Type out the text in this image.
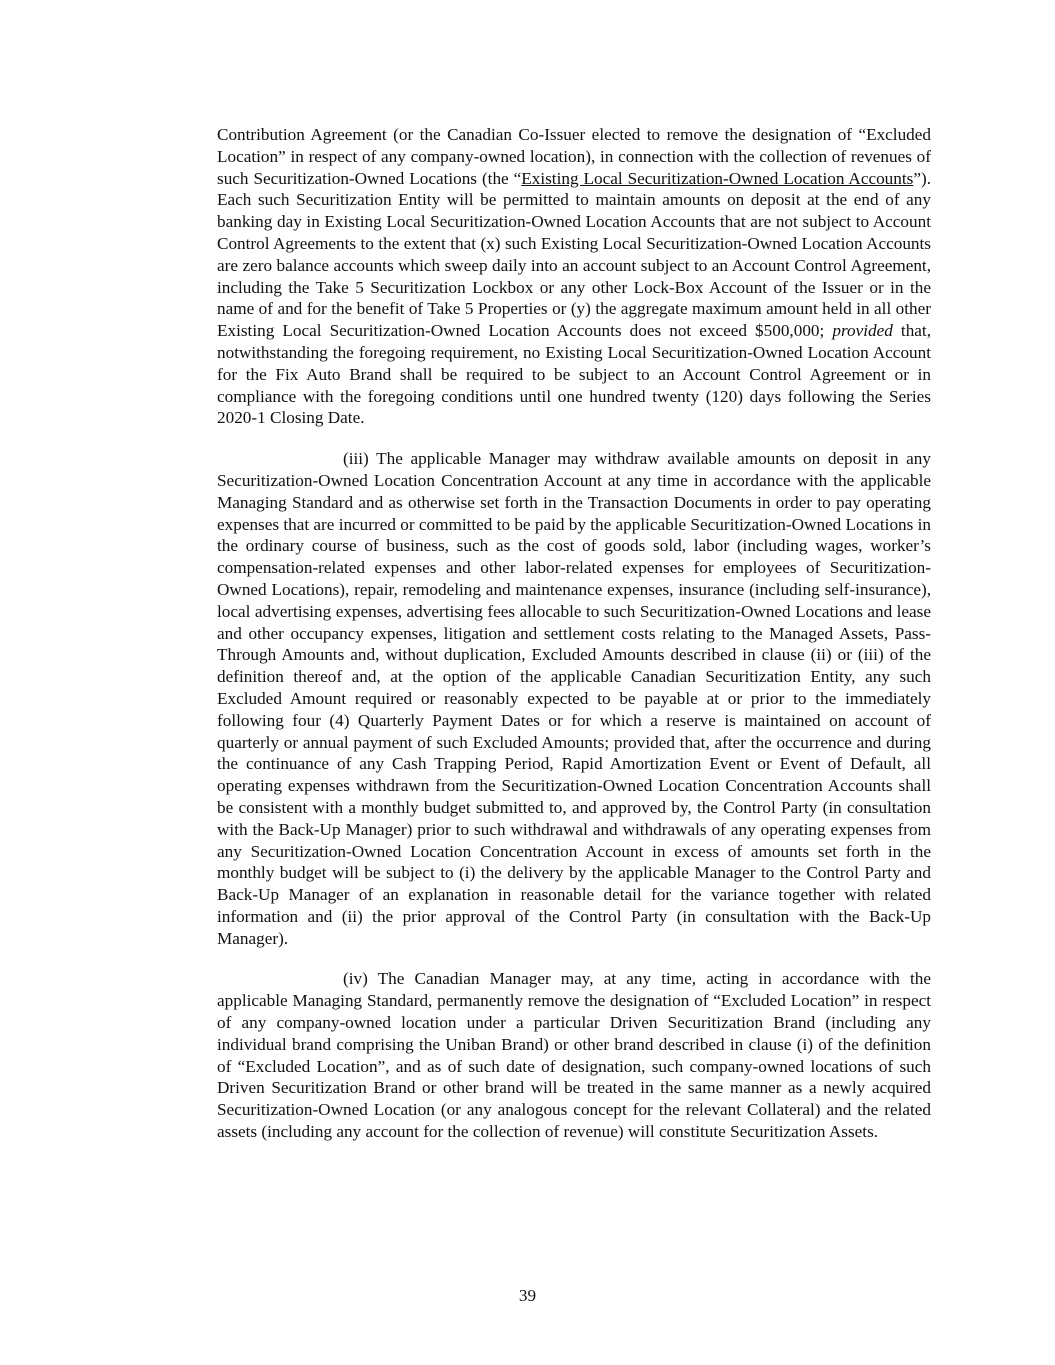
Contribution Agreement (or the Canadian Co-Issuer elected to remove the designation of “Excluded Location” in respect of any company-owned location), in connection with the collection of revenues of such Securitization-Owned Locations (the “Existing Local Securitization-Owned Location Accounts”). Each such Securitization Entity will be permitted to maintain amounts on deposit at the end of any banking day in Existing Local Securitization-Owned Location Accounts that are not subject to Account Control Agreements to the extent that (x) such Existing Local Securitization-Owned Location Accounts are zero balance accounts which sweep daily into an account subject to an Account Control Agreement, including the Take 5 Securitization Lockbox or any other Lock-Box Account of the Issuer or in the name of and for the benefit of Take 5 Properties or (y) the aggregate maximum amount held in all other Existing Local Securitization-Owned Location Accounts does not exceed $500,000; provided that, notwithstanding the foregoing requirement, no Existing Local Securitization-Owned Location Account for the Fix Auto Brand shall be required to be subject to an Account Control Agreement or in compliance with the foregoing conditions until one hundred twenty (120) days following the Series 2020-1 Closing Date.

(iii) The applicable Manager may withdraw available amounts on deposit in any Securitization-Owned Location Concentration Account at any time in accordance with the applicable Managing Standard and as otherwise set forth in the Transaction Documents in order to pay operating expenses that are incurred or committed to be paid by the applicable Securitization-Owned Locations in the ordinary course of business, such as the cost of goods sold, labor (including wages, worker’s compensation-related expenses and other labor-related expenses for employees of Securitization-Owned Locations), repair, remodeling and maintenance expenses, insurance (including self-insurance), local advertising expenses, advertising fees allocable to such Securitization-Owned Locations and lease and other occupancy expenses, litigation and settlement costs relating to the Managed Assets, Pass-Through Amounts and, without duplication, Excluded Amounts described in clause (ii) or (iii) of the definition thereof and, at the option of the applicable Canadian Securitization Entity, any such Excluded Amount required or reasonably expected to be payable at or prior to the immediately following four (4) Quarterly Payment Dates or for which a reserve is maintained on account of quarterly or annual payment of such Excluded Amounts; provided that, after the occurrence and during the continuance of any Cash Trapping Period, Rapid Amortization Event or Event of Default, all operating expenses withdrawn from the Securitization-Owned Location Concentration Accounts shall be consistent with a monthly budget submitted to, and approved by, the Control Party (in consultation with the Back-Up Manager) prior to such withdrawal and withdrawals of any operating expenses from any Securitization-Owned Location Concentration Account in excess of amounts set forth in the monthly budget will be subject to (i) the delivery by the applicable Manager to the Control Party and Back-Up Manager of an explanation in reasonable detail for the variance together with related information and (ii) the prior approval of the Control Party (in consultation with the Back-Up Manager).

(iv) The Canadian Manager may, at any time, acting in accordance with the applicable Managing Standard, permanently remove the designation of “Excluded Location” in respect of any company-owned location under a particular Driven Securitization Brand (including any individual brand comprising the Uniban Brand) or other brand described in clause (i) of the definition of “Excluded Location”, and as of such date of designation, such company-owned locations of such Driven Securitization Brand or other brand will be treated in the same manner as a newly acquired Securitization-Owned Location (or any analogous concept for the relevant Collateral) and the related assets (including any account for the collection of revenue) will constitute Securitization Assets.

39
